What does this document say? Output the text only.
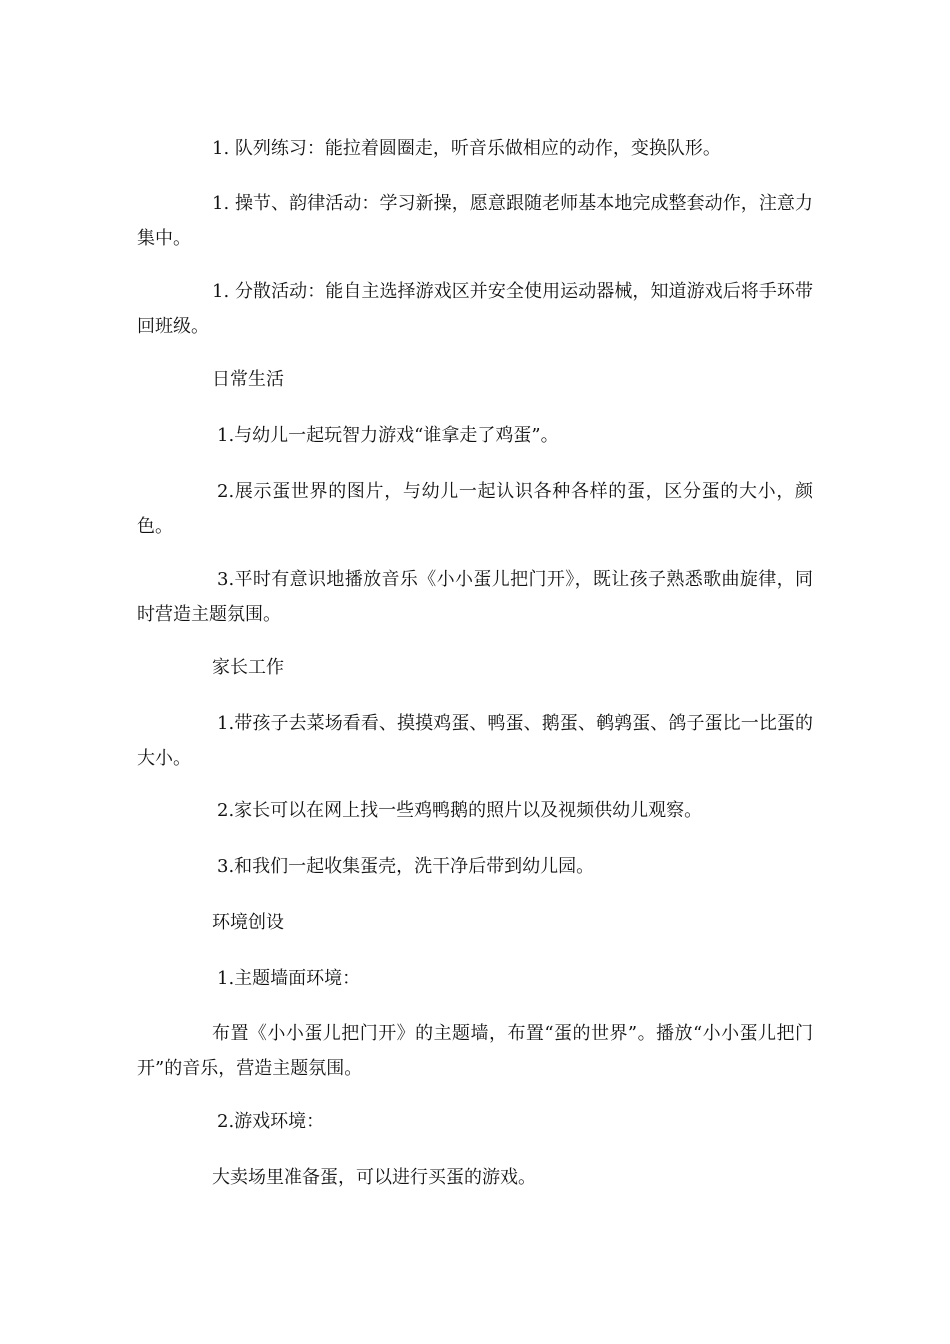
1. 队列练习：能拉着圆圈走，听音乐做相应的动作，变换队形。

1. 操节、韵律活动：学习新操，愿意跟随老师基本地完成整套动作，注意力集中。

1. 分散活动：能自主选择游戏区并安全使用运动器械，知道游戏后将手环带回班级。

日常生活

1.与幼儿一起玩智力游戏“谁拿走了鸡蛋”。

2.展示蛋世界的图片，与幼儿一起认识各种各样的蛋，区分蛋的大小，颜色。

3.平时有意识地播放音乐《小小蛋儿把门开》，既让孩子熟悉歌曲旋律，同时营造主题氛围。

家长工作

1.带孩子去菜场看看、摸摸鸡蛋、鸭蛋、鹅蛋、鹌鹑蛋、鸽子蛋比一比蛋的大小。

2.家长可以在网上找一些鸡鸭鹅的照片以及视频供幼儿观察。

3.和我们一起收集蛋壳，洗干净后带到幼儿园。

环境创设

1.主题墙面环境：

布置《小小蛋儿把门开》的主题墙，布置“蛋的世界”。播放“小小蛋儿把门开”的音乐，营造主题氛围。

2.游戏环境：

大卖场里准备蛋，可以进行买蛋的游戏。
